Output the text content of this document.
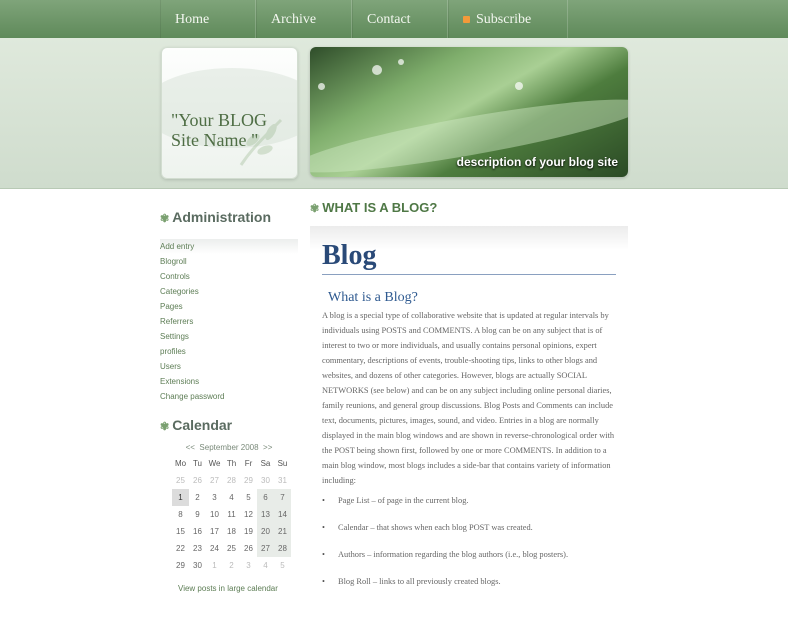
Home	Archive	Contact	Subscribe
"Your BLOG Site Name "
description of your blog site
✾ Administration
Add entry
Blogroll
Controls
Categories
Pages
Referrers
Settings
profiles
Users
Extensions
Change password
✾ Calendar
<< September 2008 >>
Mo	Tu	We	Th	Fr	Sa	Su
25	26	27	28	29	30	31
1	2	3	4	5	6	7
8	9	10	11	12	13	14
15	16	17	18	19	20	21
22	23	24	25	26	27	28
29	30	1	2	3	4	5
View posts in large calendar
✾ WHAT IS A BLOG?
Blog
What is a Blog?
A blog is a special type of collaborative website that is updated at regular intervals by individuals using POSTS and COMMENTS. A blog can be on any subject that is of interest to two or more individuals, and usually contains personal opinions, expert commentary, descriptions of events, trouble-shooting tips, links to other blogs and websites, and dozens of other categories. However, blogs are actually SOCIAL NETWORKS (see below) and can be on any subject including online personal diaries, family reunions, and general group discussions. Blog Posts and Comments can include text, documents, pictures, images, sound, and video. Entries in a blog are normally displayed in the main blog windows and are shown in reverse-chronological order with the POST being shown first, followed by one or more COMMENTS. In addition to a main blog window, most blogs includes a side-bar that contains variety of information including:
• Page List – of page in the current blog.
• Calendar – that shows when each blog POST was created.
• Authors – information regarding the blog authors (i.e., blog posters).
• Blog Roll – links to all previously created blogs.
